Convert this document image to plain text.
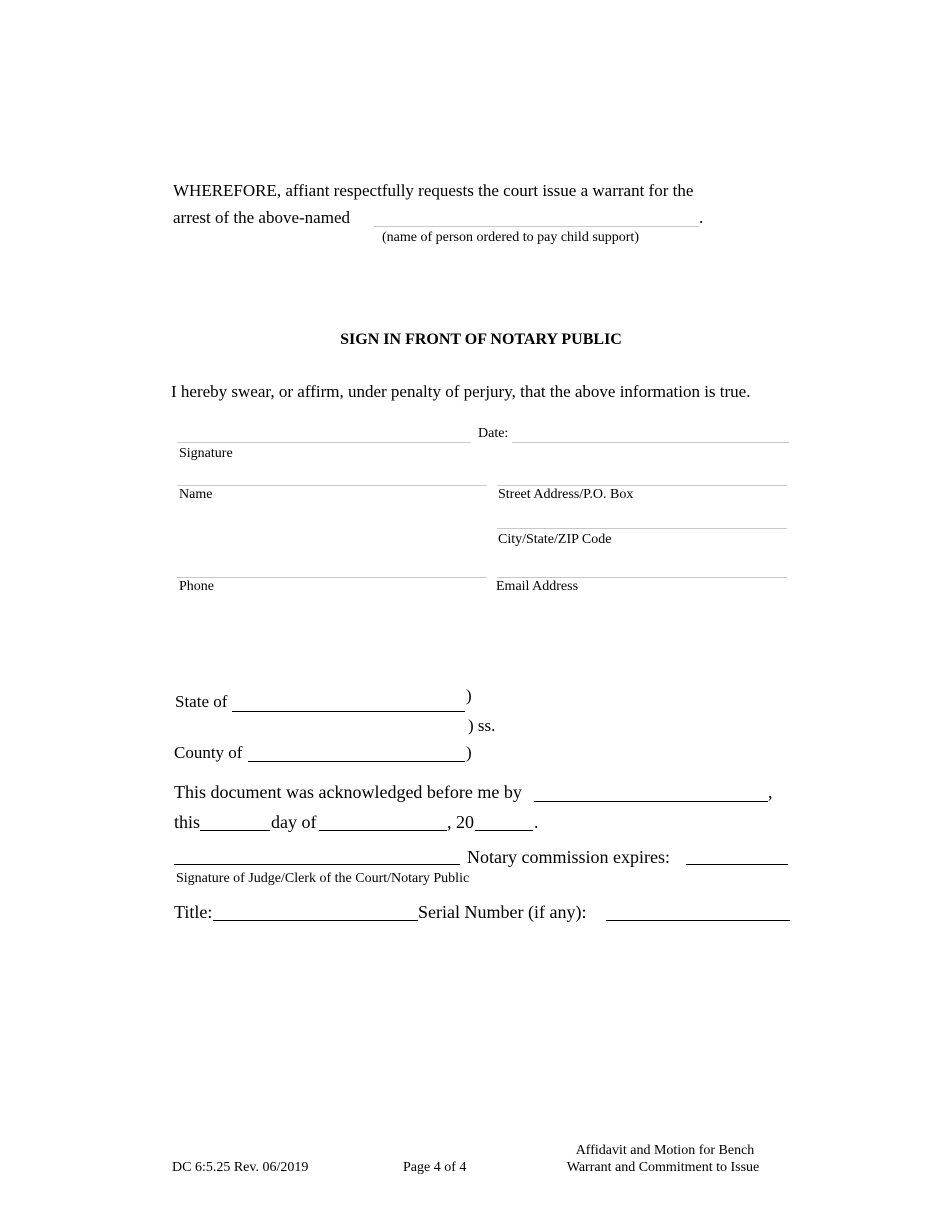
WHEREFORE, affiant respectfully requests the court issue a warrant for the
arrest of the above-named	.
(name of person ordered to pay child support)
SIGN IN FRONT OF NOTARY PUBLIC
I hereby swear, or affirm, under penalty of perjury, that the above information is true.
Date:
Signature
Name	Street Address/P.O. Box
City/State/ZIP Code
Phone	Email Address
State of	)
) ss.
County of	)
This document was acknowledged before me by	,
this	day of	, 20	.
Notary commission expires:
Signature of Judge/Clerk of the Court/Notary Public
Title:	Serial Number (if any):
DC 6:5.25 Rev. 06/2019	Page 4 of 4
Affidavit and Motion for Bench
Warrant and Commitment to Issue
